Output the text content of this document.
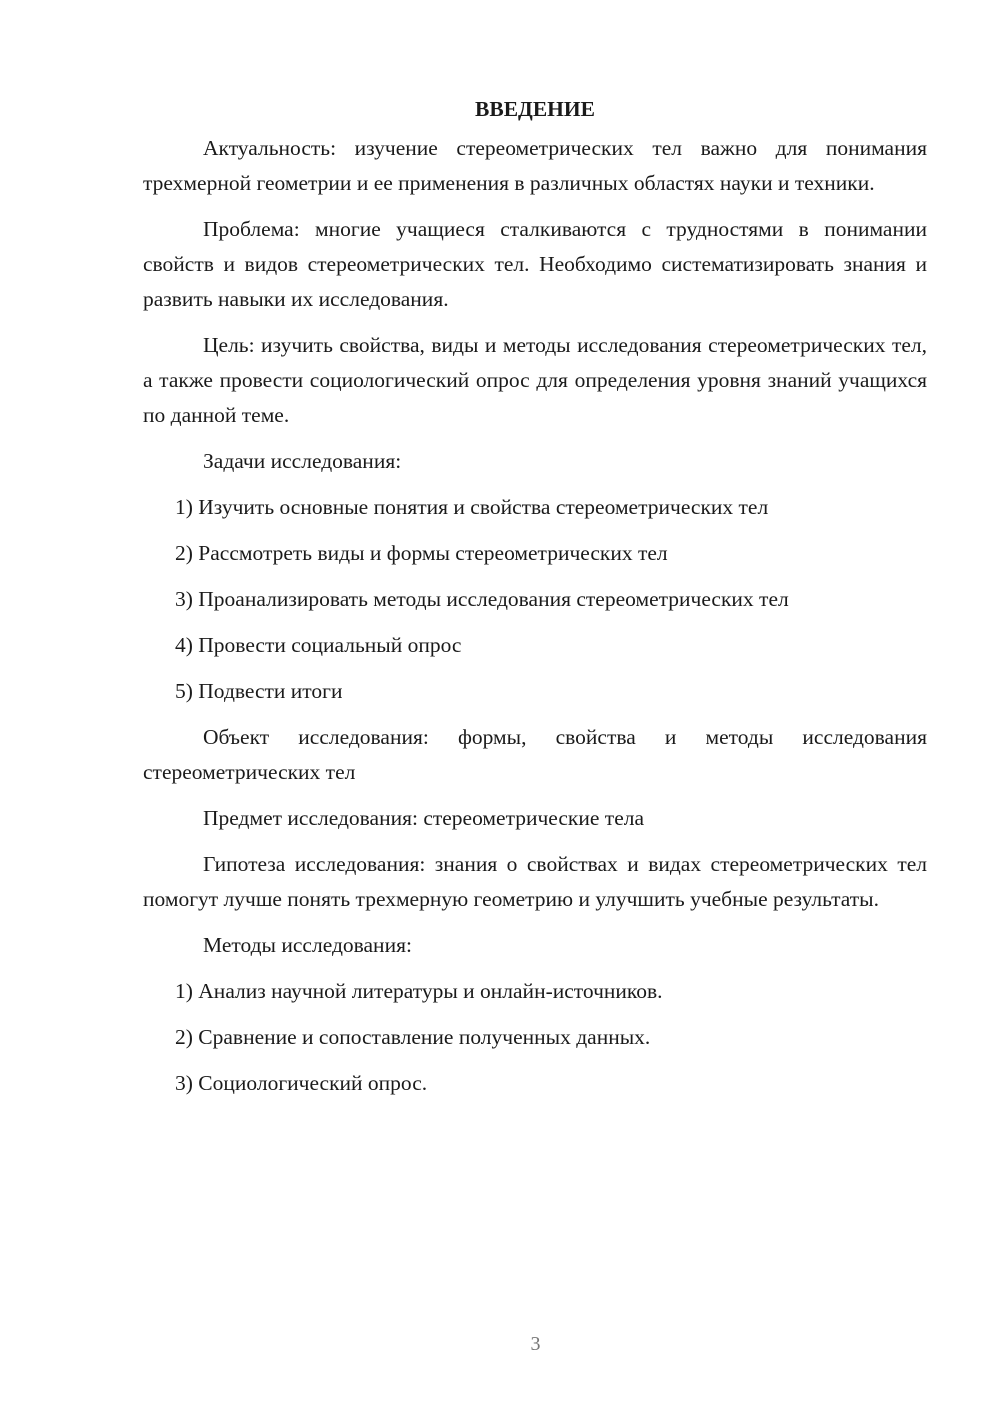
ВВЕДЕНИЕ

Актуальность: изучение стереометрических тел важно для понимания трехмерной геометрии и ее применения в различных областях науки и техники.

Проблема: многие учащиеся сталкиваются с трудностями в понимании свойств и видов стереометрических тел. Необходимо систематизировать знания и развить навыки их исследования.

Цель: изучить свойства, виды и методы исследования стереометрических тел, а также провести социологический опрос для определения уровня знаний учащихся по данной теме.

Задачи исследования:

1) Изучить основные понятия и свойства стереометрических тел
2) Рассмотреть виды и формы стереометрических тел
3) Проанализировать методы исследования стереометрических тел
4) Провести социальный опрос
5) Подвести итоги

Объект исследования: формы, свойства и методы исследования стереометрических тел

Предмет исследования: стереометрические тела

Гипотеза исследования: знания о свойствах и видах стереометрических тел помогут лучше понять трехмерную геометрию и улучшить учебные результаты.

Методы исследования:

1) Анализ научной литературы и онлайн-источников.
2) Сравнение и сопоставление полученных данных.
3) Социологический опрос.
3
